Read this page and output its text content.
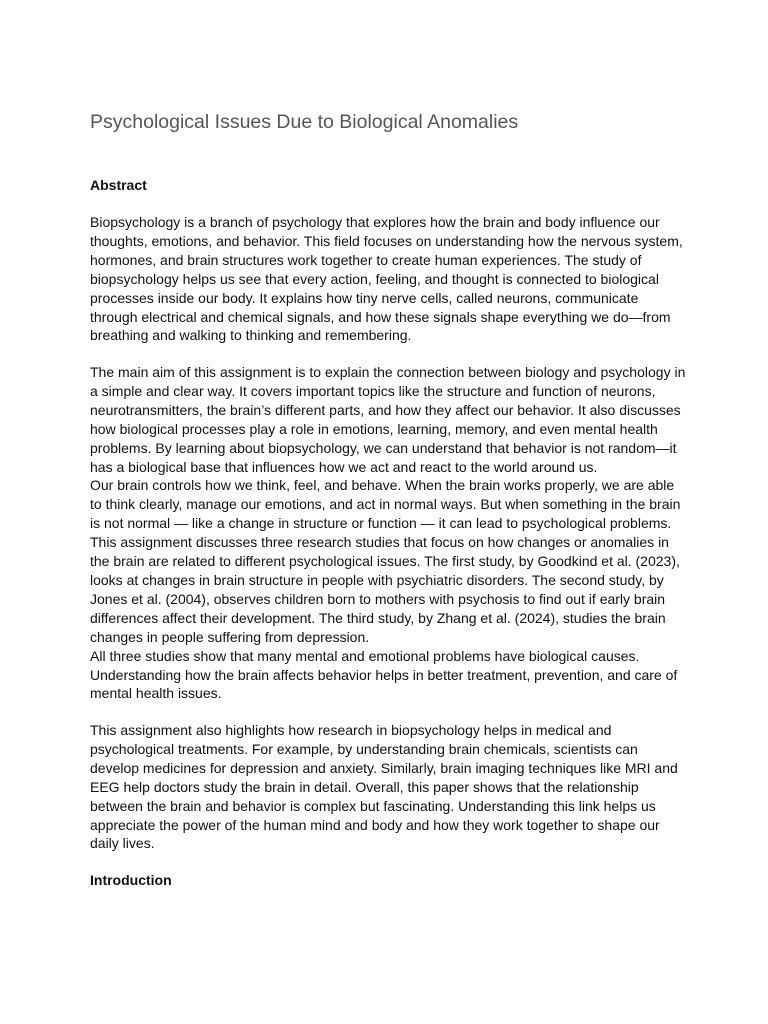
Psychological Issues Due to Biological Anomalies
Abstract
Biopsychology is a branch of psychology that explores how the brain and body influence our
thoughts, emotions, and behavior. This field focuses on understanding how the nervous system,
hormones, and brain structures work together to create human experiences. The study of
biopsychology helps us see that every action, feeling, and thought is connected to biological
processes inside our body. It explains how tiny nerve cells, called neurons, communicate
through electrical and chemical signals, and how these signals shape everything we do—from
breathing and walking to thinking and remembering.
The main aim of this assignment is to explain the connection between biology and psychology in
a simple and clear way. It covers important topics like the structure and function of neurons,
neurotransmitters, the brain’s different parts, and how they affect our behavior. It also discusses
how biological processes play a role in emotions, learning, memory, and even mental health
problems. By learning about biopsychology, we can understand that behavior is not random—it
has a biological base that influences how we act and react to the world around us.
Our brain controls how we think, feel, and behave. When the brain works properly, we are able
to think clearly, manage our emotions, and act in normal ways. But when something in the brain
is not normal — like a change in structure or function — it can lead to psychological problems.
This assignment discusses three research studies that focus on how changes or anomalies in
the brain are related to different psychological issues. The first study, by Goodkind et al. (2023),
looks at changes in brain structure in people with psychiatric disorders. The second study, by
Jones et al. (2004), observes children born to mothers with psychosis to find out if early brain
differences affect their development. The third study, by Zhang et al. (2024), studies the brain
changes in people suffering from depression.
All three studies show that many mental and emotional problems have biological causes.
Understanding how the brain affects behavior helps in better treatment, prevention, and care of
mental health issues.
This assignment also highlights how research in biopsychology helps in medical and
psychological treatments. For example, by understanding brain chemicals, scientists can
develop medicines for depression and anxiety. Similarly, brain imaging techniques like MRI and
EEG help doctors study the brain in detail. Overall, this paper shows that the relationship
between the brain and behavior is complex but fascinating. Understanding this link helps us
appreciate the power of the human mind and body and how they work together to shape our
daily lives.
Introduction
